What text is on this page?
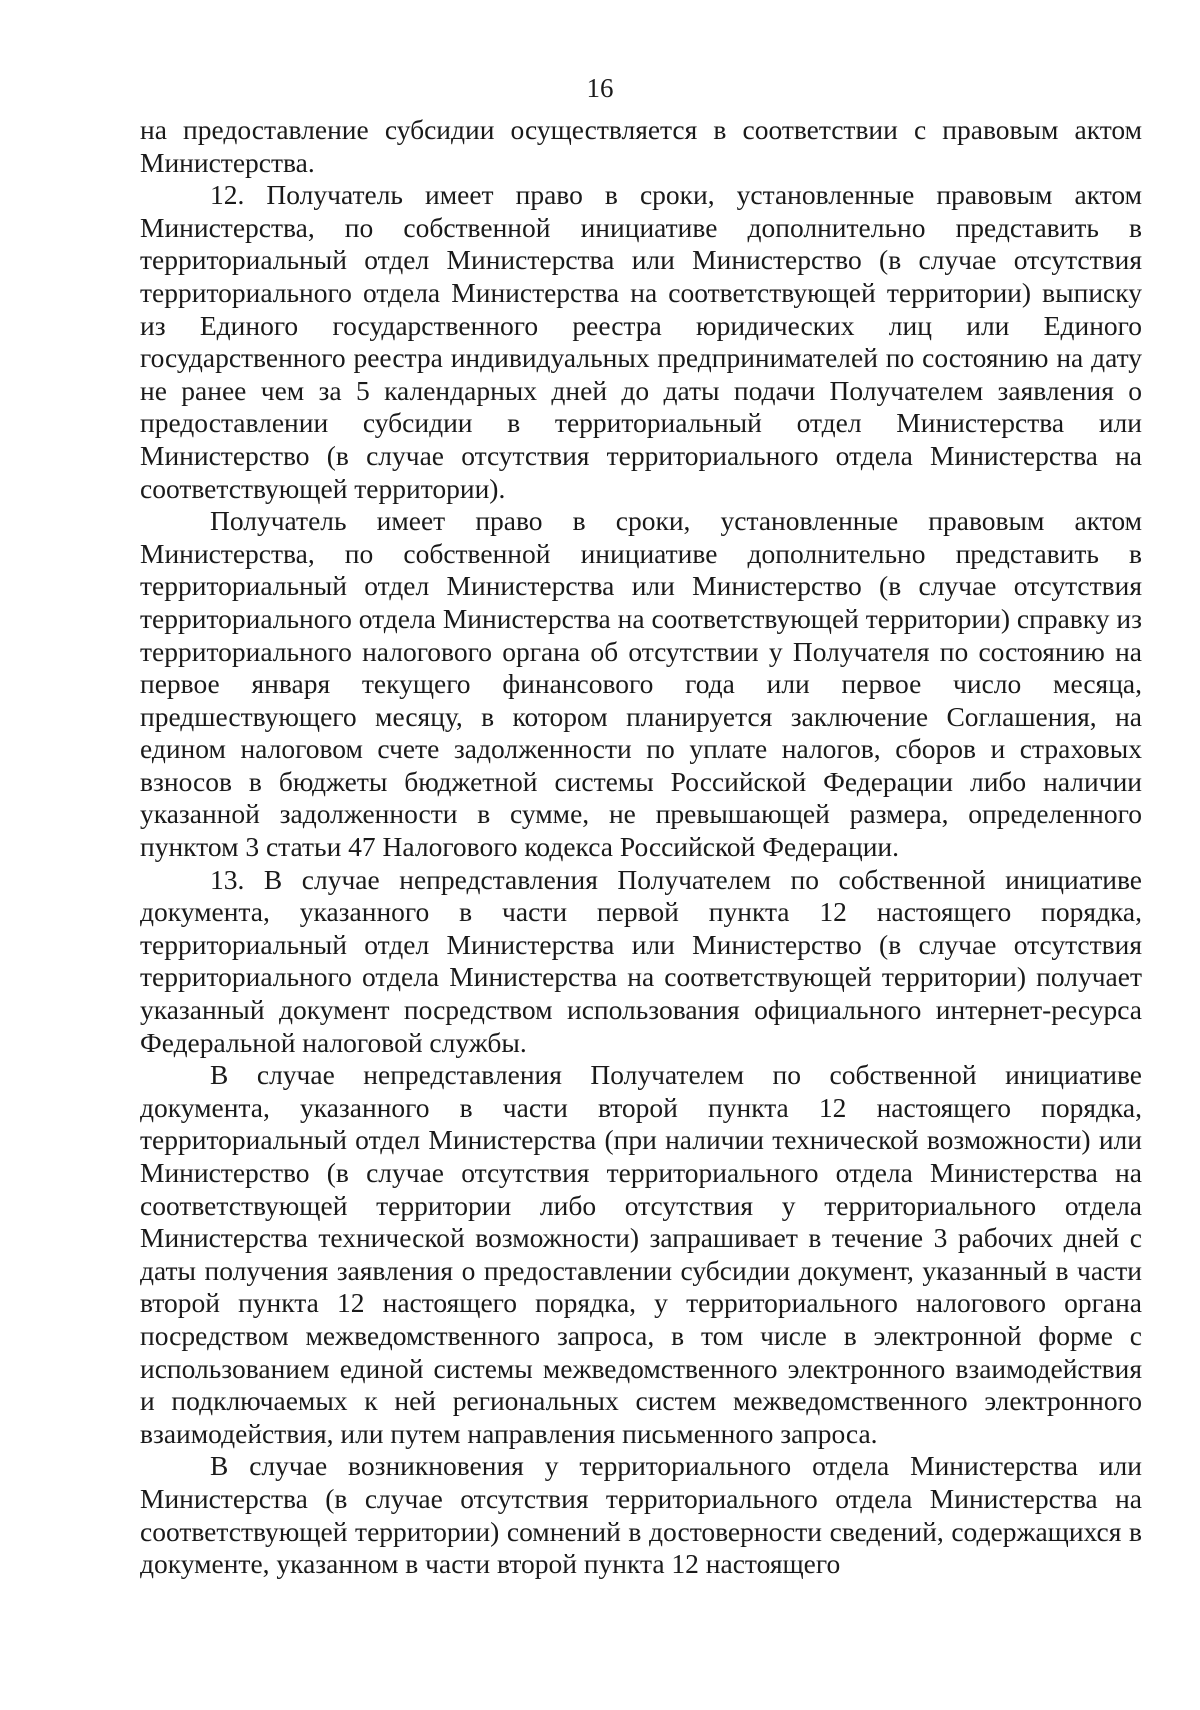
16

на предоставление субсидии осуществляется в соответствии с правовым актом Министерства.

12. Получатель имеет право в сроки, установленные правовым актом Министерства, по собственной инициативе дополнительно представить в территориальный отдел Министерства или Министерство (в случае отсутствия территориального отдела Министерства на соответствующей территории) выписку из Единого государственного реестра юридических лиц или Единого государственного реестра индивидуальных предпринимателей по состоянию на дату не ранее чем за 5 календарных дней до даты подачи Получателем заявления о предоставлении субсидии в территориальный отдел Министерства или Министерство (в случае отсутствия территориального отдела Министерства на соответствующей территории).

Получатель имеет право в сроки, установленные правовым актом Министерства, по собственной инициативе дополнительно представить в территориальный отдел Министерства или Министерство (в случае отсутствия территориального отдела Министерства на соответствующей территории) справку из территориального налогового органа об отсутствии у Получателя по состоянию на первое января текущего финансового года или первое число месяца, предшествующего месяцу, в котором планируется заключение Соглашения, на едином налоговом счете задолженности по уплате налогов, сборов и страховых взносов в бюджеты бюджетной системы Российской Федерации либо наличии указанной задолженности в сумме, не превышающей размера, определенного пунктом 3 статьи 47 Налогового кодекса Российской Федерации.

13. В случае непредставления Получателем по собственной инициативе документа, указанного в части первой пункта 12 настоящего порядка, территориальный отдел Министерства или Министерство (в случае отсутствия территориального отдела Министерства на соответствующей территории) получает указанный документ посредством использования официального интернет-ресурса Федеральной налоговой службы.

В случае непредставления Получателем по собственной инициативе документа, указанного в части второй пункта 12 настоящего порядка, территориальный отдел Министерства (при наличии технической возможности) или Министерство (в случае отсутствия территориального отдела Министерства на соответствующей территории либо отсутствия у территориального отдела Министерства технической возможности) запрашивает в течение 3 рабочих дней с даты получения заявления о предоставлении субсидии документ, указанный в части второй пункта 12 настоящего порядка, у территориального налогового органа посредством межведомственного запроса, в том числе в электронной форме с использованием единой системы межведомственного электронного взаимодействия и подключаемых к ней региональных систем межведомственного электронного взаимодействия, или путем направления письменного запроса.

В случае возникновения у территориального отдела Министерства или Министерства (в случае отсутствия территориального отдела Министерства на соответствующей территории) сомнений в достоверности сведений, содержащихся в документе, указанном в части второй пункта 12 настоящего
